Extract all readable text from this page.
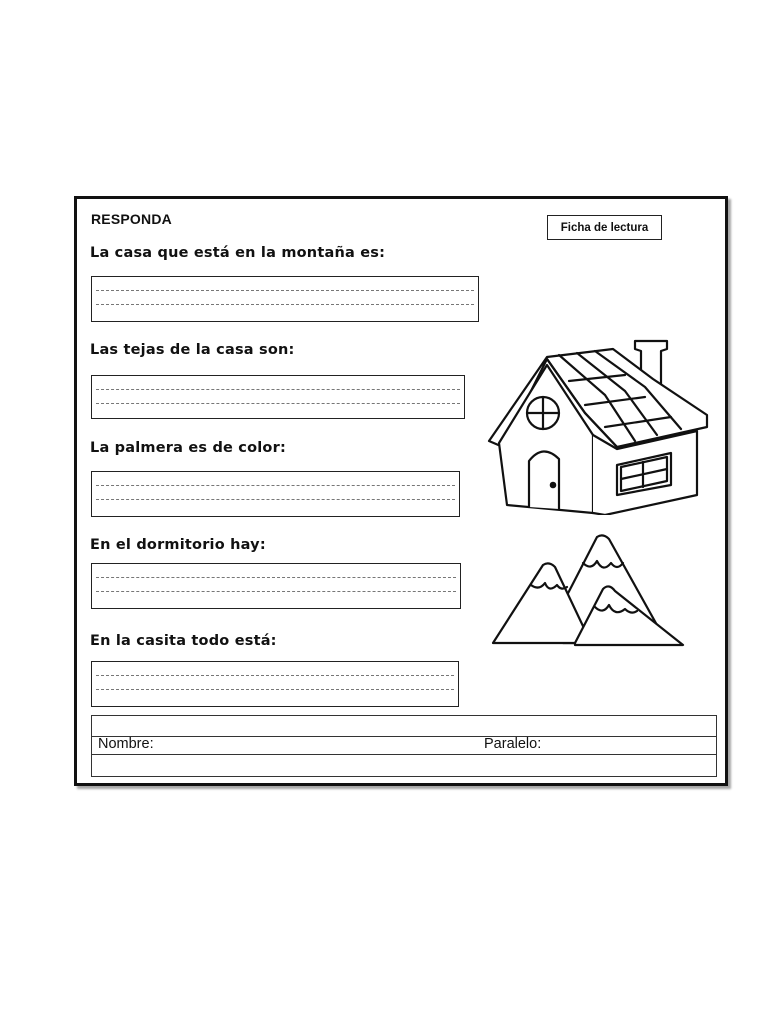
RESPONDA
Ficha de lectura
La casa que está en la montaña es:
Las tejas de la casa son:
La palmera es de color:
En el dormitorio hay:
En la casita todo está:
Nombre:	Paralelo:
